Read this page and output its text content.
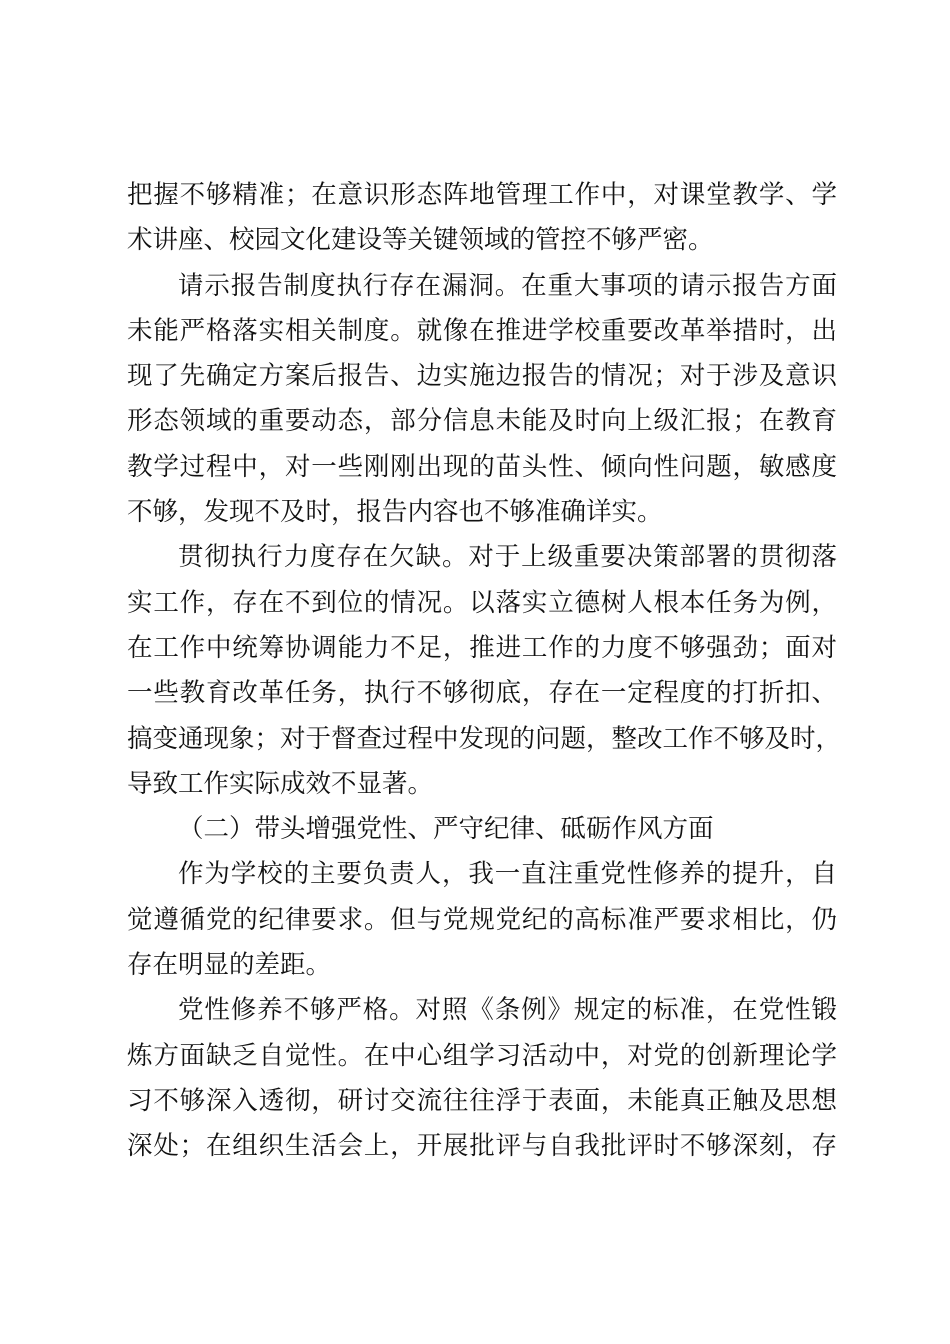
把握不够精准；在意识形态阵地管理工作中，对课堂教学、学
术讲座、校园文化建设等关键领域的管控不够严密。
请示报告制度执行存在漏洞。在重大事项的请示报告方面
未能严格落实相关制度。就像在推进学校重要改革举措时，出
现了先确定方案后报告、边实施边报告的情况；对于涉及意识
形态领域的重要动态，部分信息未能及时向上级汇报；在教育
教学过程中，对一些刚刚出现的苗头性、倾向性问题，敏感度
不够，发现不及时，报告内容也不够准确详实。
贯彻执行力度存在欠缺。对于上级重要决策部署的贯彻落
实工作，存在不到位的情况。以落实立德树人根本任务为例，
在工作中统筹协调能力不足，推进工作的力度不够强劲；面对
一些教育改革任务，执行不够彻底，存在一定程度的打折扣、
搞变通现象；对于督查过程中发现的问题，整改工作不够及时，
导致工作实际成效不显著。
（二）带头增强党性、严守纪律、砥砺作风方面
作为学校的主要负责人，我一直注重党性修养的提升，自
觉遵循党的纪律要求。但与党规党纪的高标准严要求相比，仍
存在明显的差距。
党性修养不够严格。对照《条例》规定的标准，在党性锻
炼方面缺乏自觉性。在中心组学习活动中，对党的创新理论学
习不够深入透彻，研讨交流往往浮于表面，未能真正触及思想
深处；在组织生活会上，开展批评与自我批评时不够深刻，存
